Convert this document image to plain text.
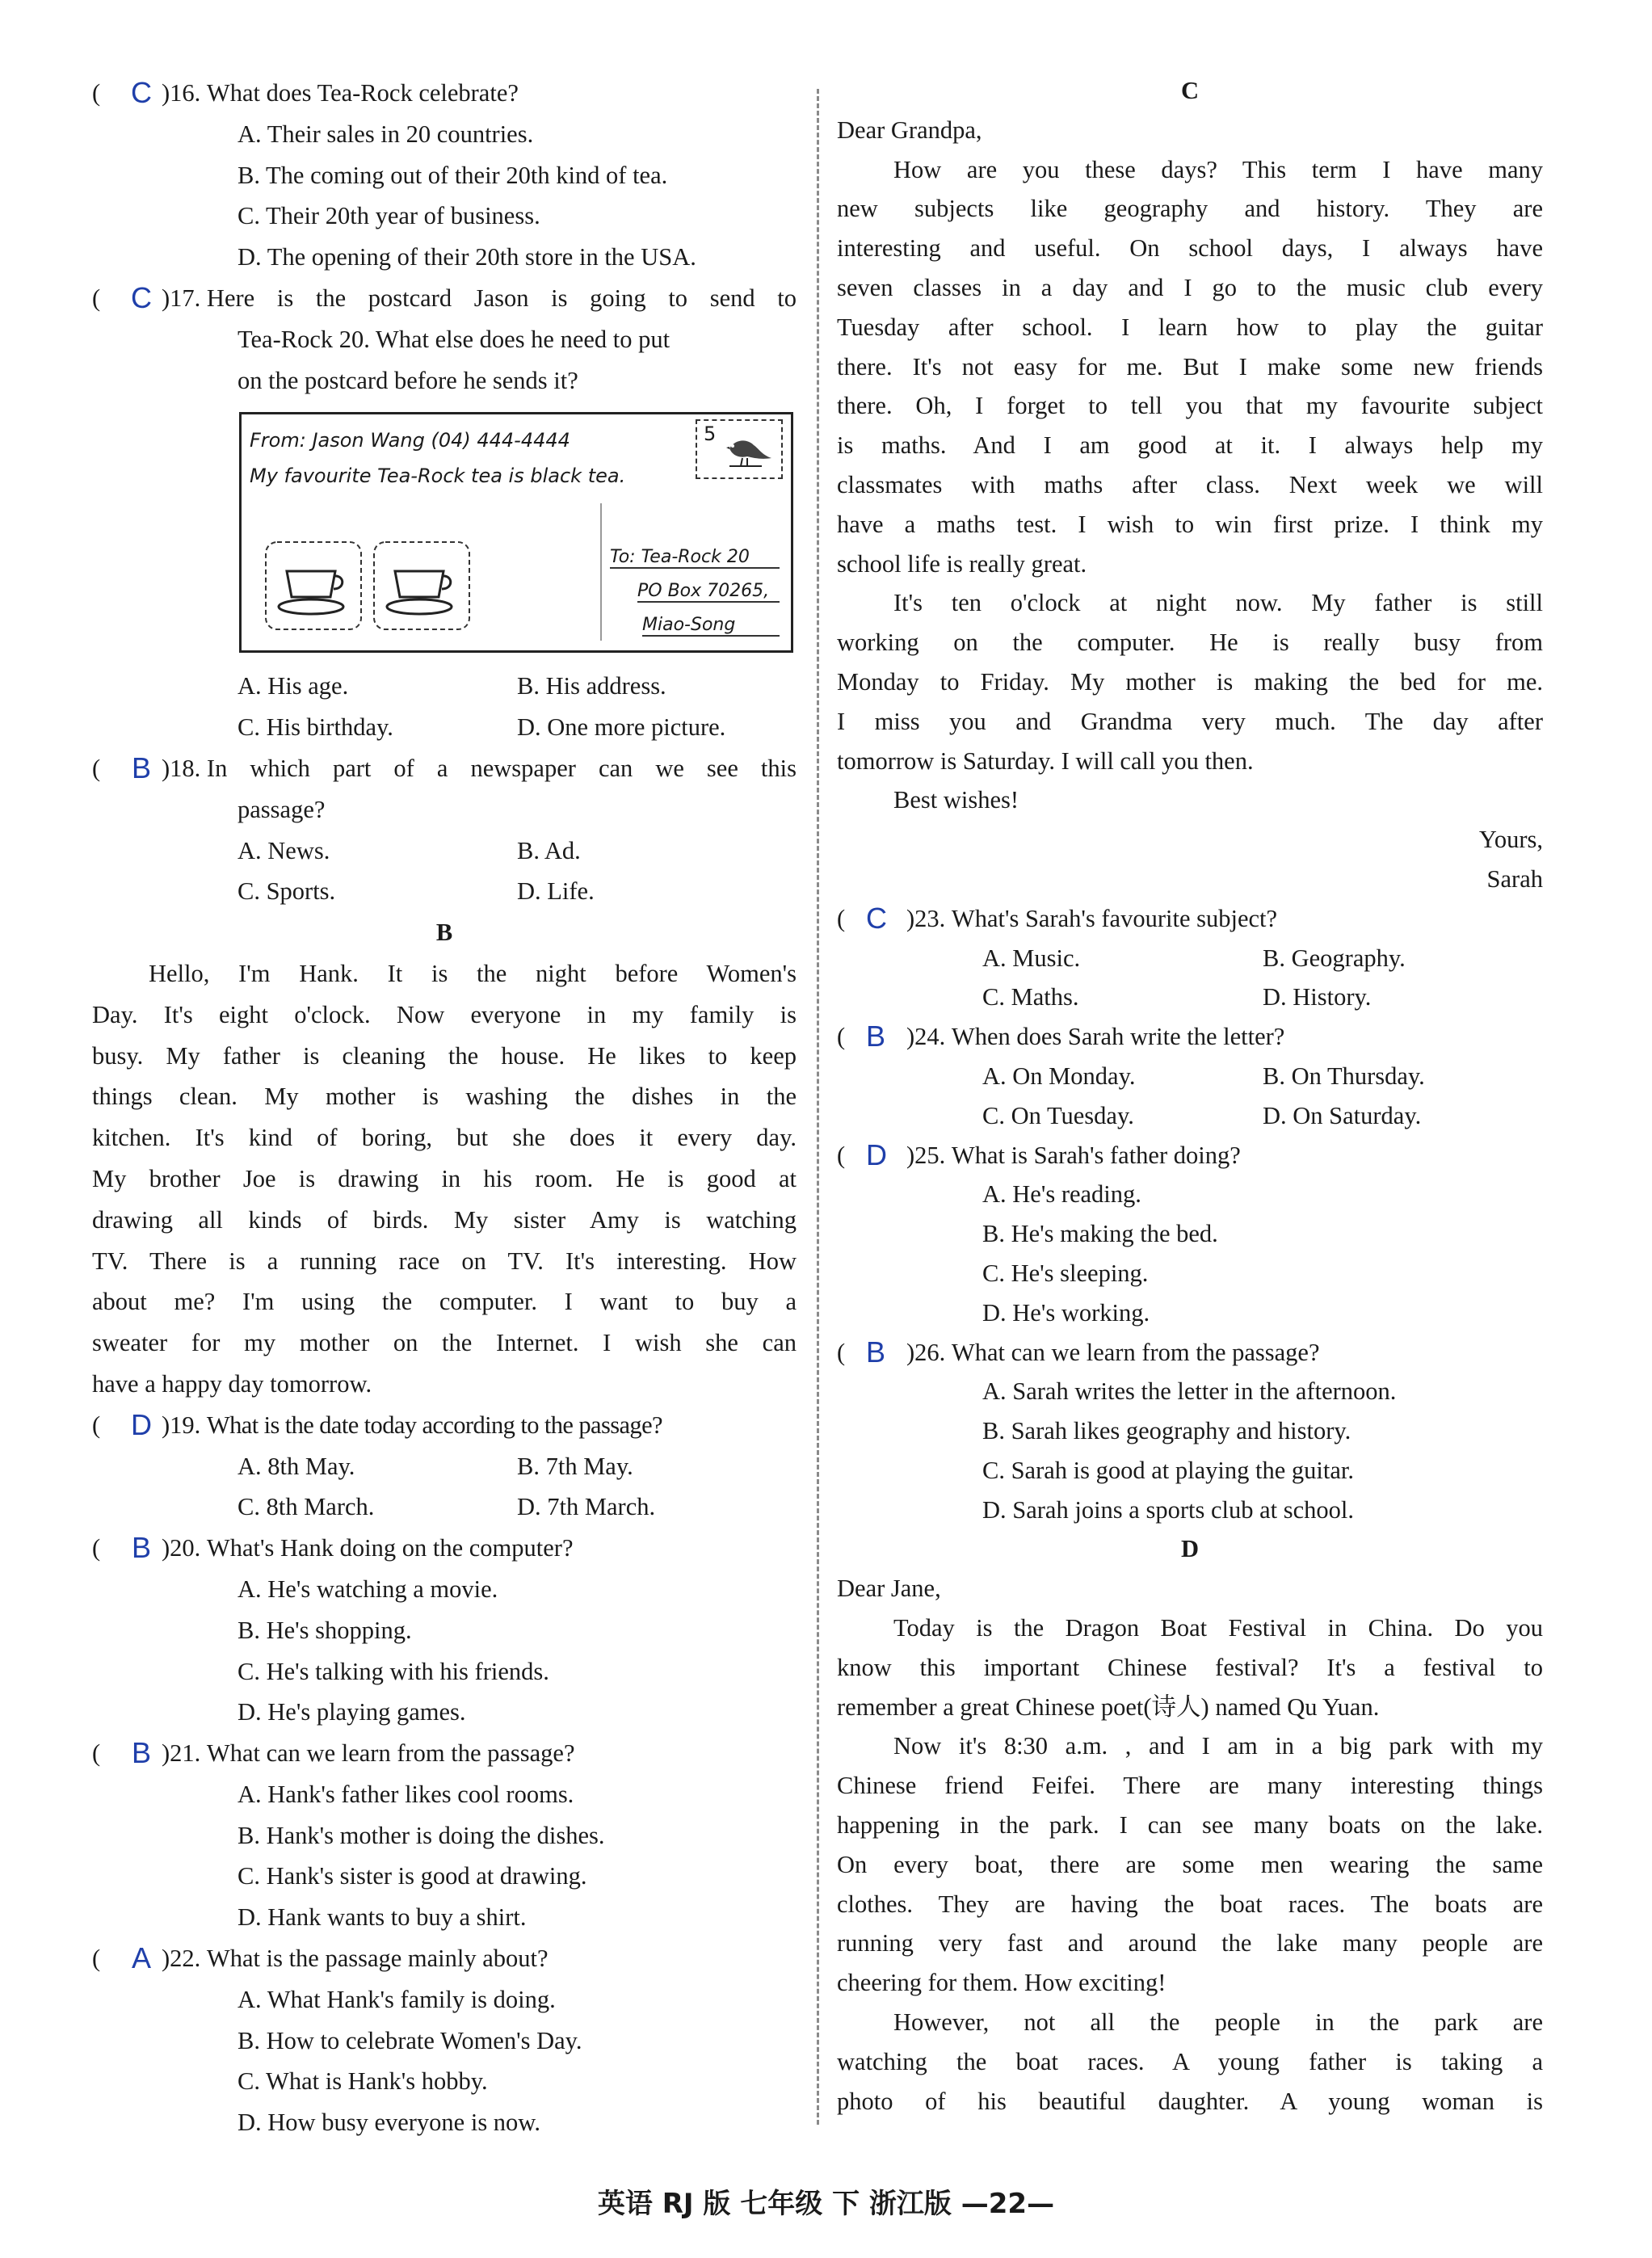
(	C )16. What does Tea-Rock celebrate?
A. Their sales in 20 countries.
B. The coming out of their 20th kind of tea.
C. Their 20th year of business.
D. The opening of their 20th store in the USA.
(	C )17. Here is the postcard Jason is going to send to
Tea-Rock 20. What else does he need to put
on the postcard before he sends it?
From: Jason Wang (04) 444-4444
My favourite Tea-Rock tea is black tea.
5
To: Tea-Rock 20
PO Box 70265,
Miao-Song
A. His age.	B. His address.
C. His birthday.	D. One more picture.
(	B )18. In which part of a newspaper can we see this
passage?
A. News.	B. Ad.
C. Sports.	D. Life.
B
Hello, I'm Hank. It is the night before Women's
Day. It's eight o'clock. Now everyone in my family is
busy. My father is cleaning the house. He likes to keep
things clean. My mother is washing the dishes in the
kitchen. It's kind of boring, but she does it every day.
My brother Joe is drawing in his room. He is good at
drawing all kinds of birds. My sister Amy is watching
TV. There is a running race on TV. It's interesting. How
about me? I'm using the computer. I want to buy a
sweater for my mother on the Internet. I wish she can
have a happy day tomorrow.
(	D )19. What is the date today according to the passage?
A. 8th May.	B. 7th May.
C. 8th March.	D. 7th March.
(	B )20. What's Hank doing on the computer?
A. He's watching a movie.
B. He's shopping.
C. He's talking with his friends.
D. He's playing games.
(	B )21. What can we learn from the passage?
A. Hank's father likes cool rooms.
B. Hank's mother is doing the dishes.
C. Hank's sister is good at drawing.
D. Hank wants to buy a shirt.
(	A )22. What is the passage mainly about?
A. What Hank's family is doing.
B. How to celebrate Women's Day.
C. What is Hank's hobby.
D. How busy everyone is now.
C
Dear Grandpa,
How are you these days? This term I have many
new subjects like geography and history. They are
interesting and useful. On school days, I always have
seven classes in a day and I go to the music club every
Tuesday after school. I learn how to play the guitar
there. It's not easy for me. But I make some new friends
there. Oh, I forget to tell you that my favourite subject
is maths. And I am good at it. I always help my
classmates with maths after class. Next week we will
have a maths test. I wish to win first prize. I think my
school life is really great.
It's ten o'clock at night now. My father is still
working on the computer. He is really busy from
Monday to Friday. My mother is making the bed for me.
I miss you and Grandma very much. The day after
tomorrow is Saturday. I will call you then.
Best wishes!
Yours,
Sarah
( C )23. What's Sarah's favourite subject?
A. Music.	B. Geography.
C. Maths.	D. History.
( B )24. When does Sarah write the letter?
A. On Monday.	B. On Thursday.
C. On Tuesday.	D. On Saturday.
( D )25. What is Sarah's father doing?
A. He's reading.
B. He's making the bed.
C. He's sleeping.
D. He's working.
( B )26. What can we learn from the passage?
A. Sarah writes the letter in the afternoon.
B. Sarah likes geography and history.
C. Sarah is good at playing the guitar.
D. Sarah joins a sports club at school.
D
Dear Jane,
Today is the Dragon Boat Festival in China. Do you
know this important Chinese festival? It's a festival to
remember a great Chinese poet(诗人) named Qu Yuan.
Now it's 8:30 a.m. , and I am in a big park with my
Chinese friend Feifei. There are many interesting things
happening in the park. I can see many boats on the lake.
On every boat, there are some men wearing the same
clothes. They are having the boat races. The boats are
running very fast and around the lake many people are
cheering for them. How exciting!
However, not all the people in the park are
watching the boat races. A young father is taking a
photo of his beautiful daughter. A young woman is
英语 RJ 版 七年级 下 浙江版 —22—
